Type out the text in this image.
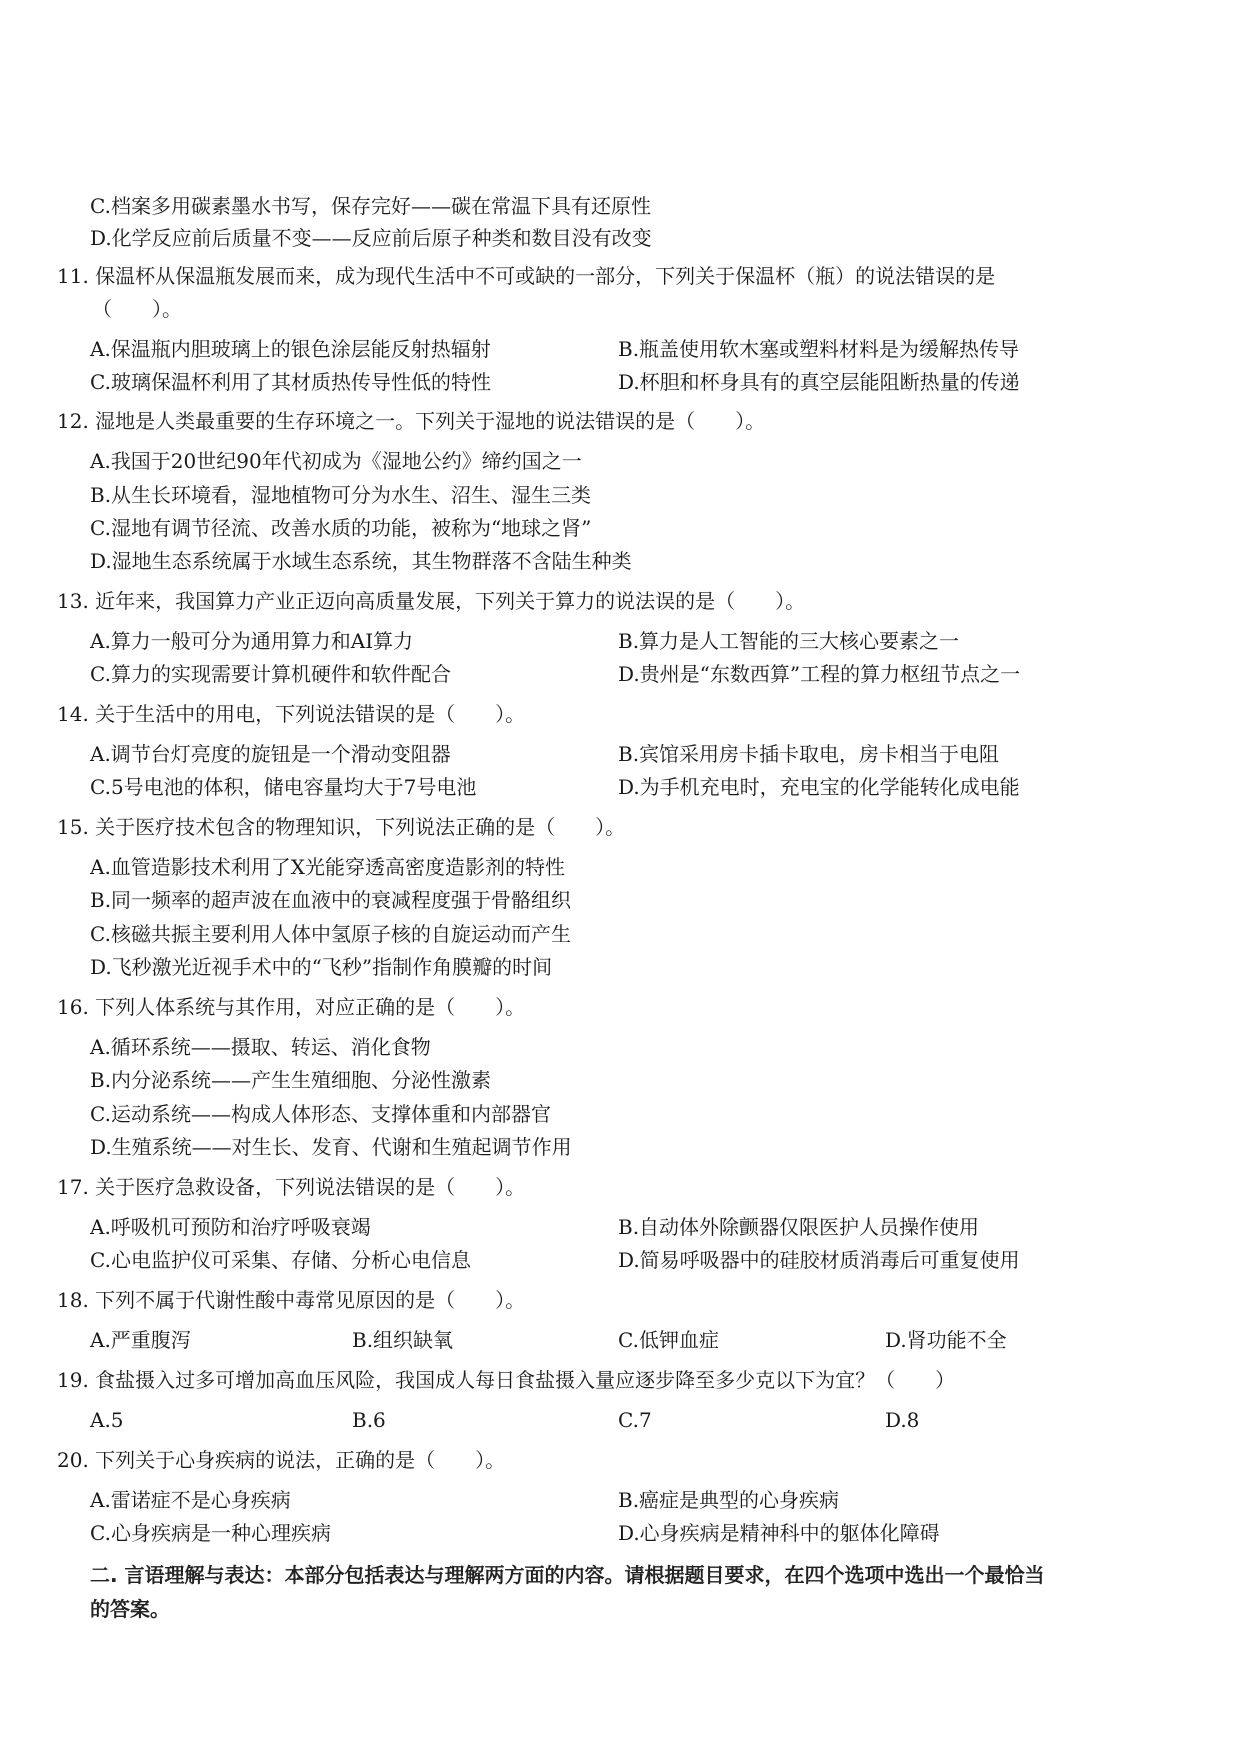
C.档案多用碳素墨水书写，保存完好——碳在常温下具有还原性
D.化学反应前后质量不变——反应前后原子种类和数目没有改变
11. 保温杯从保温瓶发展而来，成为现代生活中不可或缺的一部分，下列关于保温杯（瓶）的说法错误的是
（　　）。
A.保温瓶内胆玻璃上的银色涂层能反射热辐射	B.瓶盖使用软木塞或塑料材料是为缓解热传导
C.玻璃保温杯利用了其材质热传导性低的特性	D.杯胆和杯身具有的真空层能阻断热量的传递
12. 湿地是人类最重要的生存环境之一。下列关于湿地的说法错误的是（　　）。
A.我国于20世纪90年代初成为《湿地公约》缔约国之一
B.从生长环境看，湿地植物可分为水生、沼生、湿生三类
C.湿地有调节径流、改善水质的功能，被称为“地球之肾”
D.湿地生态系统属于水域生态系统，其生物群落不含陆生种类
13. 近年来，我国算力产业正迈向高质量发展，下列关于算力的说法误的是（　　）。
A.算力一般可分为通用算力和AI算力	B.算力是人工智能的三大核心要素之一
C.算力的实现需要计算机硬件和软件配合	D.贵州是“东数西算”工程的算力枢纽节点之一
14. 关于生活中的用电，下列说法错误的是（　　）。
A.调节台灯亮度的旋钮是一个滑动变阻器	B.宾馆采用房卡插卡取电，房卡相当于电阻
C.5号电池的体积，储电容量均大于7号电池	D.为手机充电时，充电宝的化学能转化成电能
15. 关于医疗技术包含的物理知识，下列说法正确的是（　　）。
A.血管造影技术利用了X光能穿透高密度造影剂的特性
B.同一频率的超声波在血液中的衰减程度强于骨骼组织
C.核磁共振主要利用人体中氢原子核的自旋运动而产生
D.飞秒激光近视手术中的“飞秒”指制作角膜瓣的时间
16. 下列人体系统与其作用，对应正确的是（　　）。
A.循环系统——摄取、转运、消化食物
B.内分泌系统——产生生殖细胞、分泌性激素
C.运动系统——构成人体形态、支撑体重和内部器官
D.生殖系统——对生长、发育、代谢和生殖起调节作用
17. 关于医疗急救设备，下列说法错误的是（　　）。
A.呼吸机可预防和治疗呼吸衰竭	B.自动体外除颤器仅限医护人员操作使用
C.心电监护仪可采集、存储、分析心电信息	D.简易呼吸器中的硅胶材质消毒后可重复使用
18. 下列不属于代谢性酸中毒常见原因的是（　　）。
A.严重腹泻	B.组织缺氧	C.低钾血症	D.肾功能不全
19. 食盐摄入过多可增加高血压风险，我国成人每日食盐摄入量应逐步降至多少克以下为宜？（　　）
A.5	B.6	C.7	D.8
20. 下列关于心身疾病的说法，正确的是（　　）。
A.雷诺症不是心身疾病	B.癌症是典型的心身疾病
C.心身疾病是一种心理疾病	D.心身疾病是精神科中的躯体化障碍
二. 言语理解与表达：本部分包括表达与理解两方面的内容。请根据题目要求，在四个选项中选出一个最恰当
的答案。
